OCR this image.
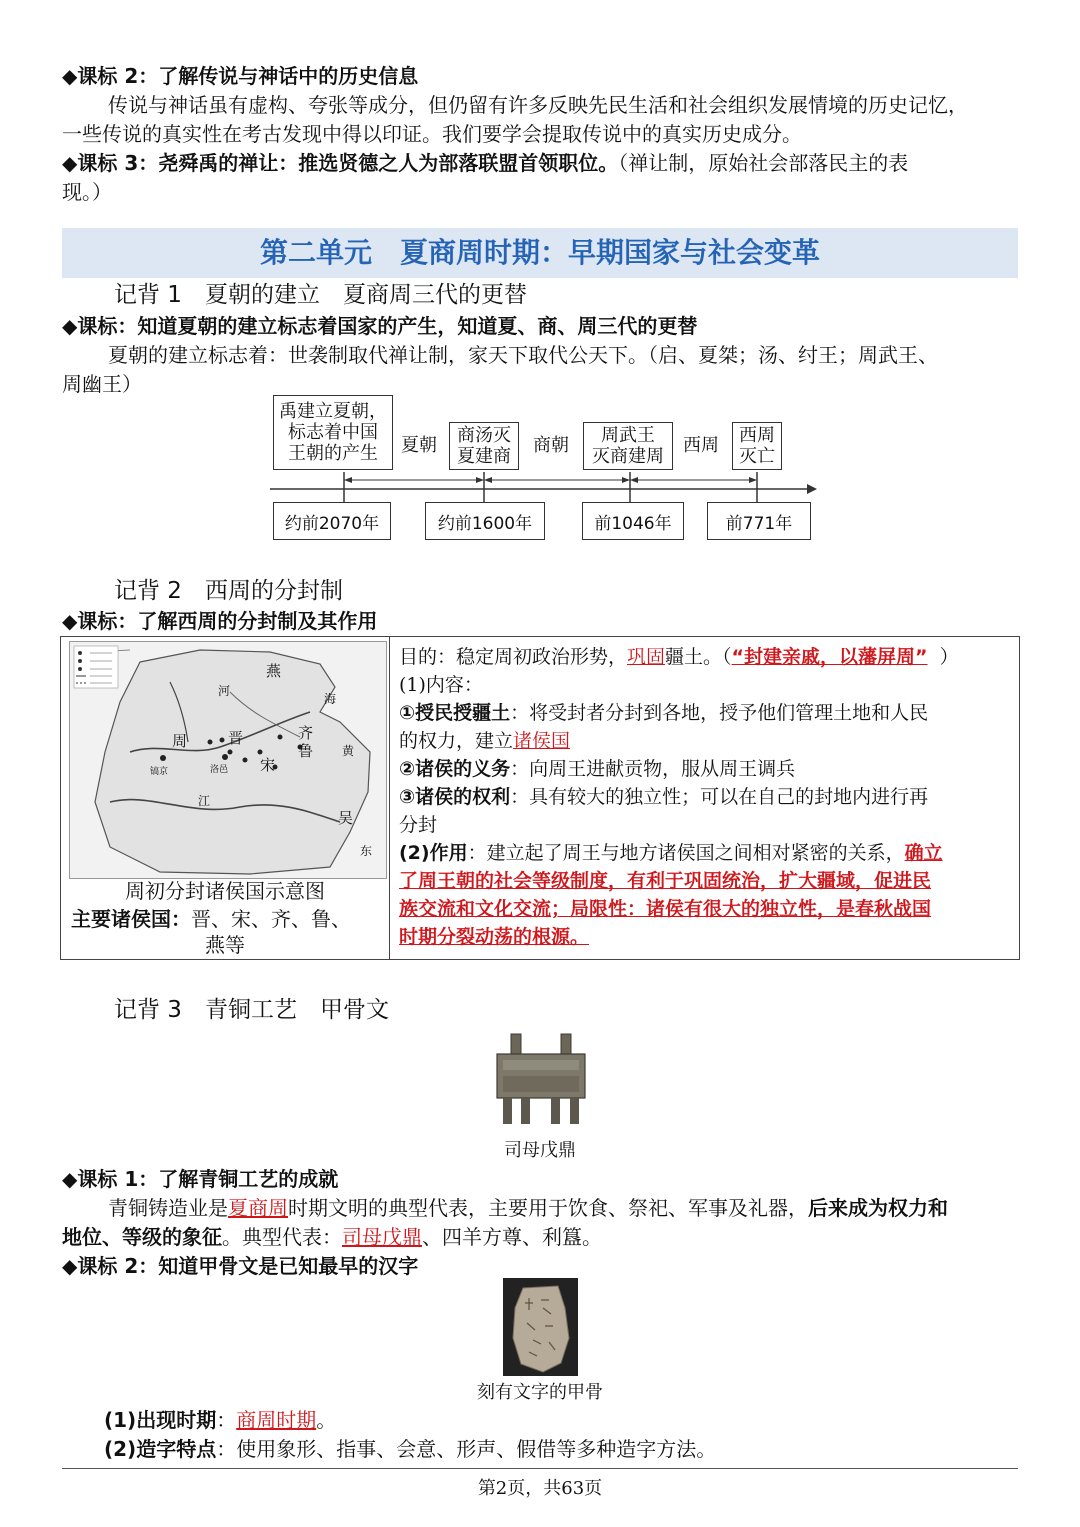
◆课标 2：了解传说与神话中的历史信息
传说与神话虽有虚构、夸张等成分，但仍留有许多反映先民生活和社会组织发展情境的历史记忆，
一些传说的真实性在考古发现中得以印证。我们要学会提取传说中的真实历史成分。
◆课标 3：尧舜禹的禅让：推选贤德之人为部落联盟首领职位。（禅让制，原始社会部落民主的表
现。）
第二单元　夏商周时期：早期国家与社会变革
记背 1　夏朝的建立　夏商周三代的更替
◆课标：知道夏朝的建立标志着国家的产生，知道夏、商、周三代的更替
夏朝的建立标志着：世袭制取代禅让制，家天下取代公天下。（启、夏桀；汤、纣王；周武王、
周幽王）
禹建立夏朝，
标志着中国
王朝的产生 夏朝 商汤灭
夏建商
商朝 周武王
灭商建周
西周 西周
灭亡
约前2070年	约前1600年	前1046年	前771年
记背 2　西周的分封制
◆课标：了解西周的分封制及其作用
燕
齐
鲁
晋
宋
周
河
江
海
黄
东
吴
镐京	洛邑
周初分封诸侯国示意图
主要诸侯国：晋、宋、齐、鲁、
燕等
目的：稳定周初政治形势，巩固疆土。（“封建亲戚，以藩屏周” ）
(1)内容：
①授民授疆土：将受封者分封到各地，授予他们管理土地和人民
的权力，建立诸侯国
②诸侯的义务：向周王进献贡物，服从周王调兵
③诸侯的权利：具有较大的独立性；可以在自己的封地内进行再
分封
(2)作用：建立起了周王与地方诸侯国之间相对紧密的关系，确立
了周王朝的社会等级制度，有利于巩固统治，扩大疆域，促进民
族交流和文化交流；局限性：诸侯有很大的独立性，是春秋战国
时期分裂动荡的根源。
记背 3　青铜工艺　甲骨文
司母戊鼎
◆课标 1：了解青铜工艺的成就
青铜铸造业是夏商周时期文明的典型代表，主要用于饮食、祭祀、军事及礼器，后来成为权力和
地位、等级的象征。典型代表：司母戊鼎、四羊方尊、利簋。
◆课标 2：知道甲骨文是已知最早的汉字
刻有文字的甲骨
(1)出现时期：商周时期。
(2)造字特点：使用象形、指事、会意、形声、假借等多种造字方法。
第2页，共63页
